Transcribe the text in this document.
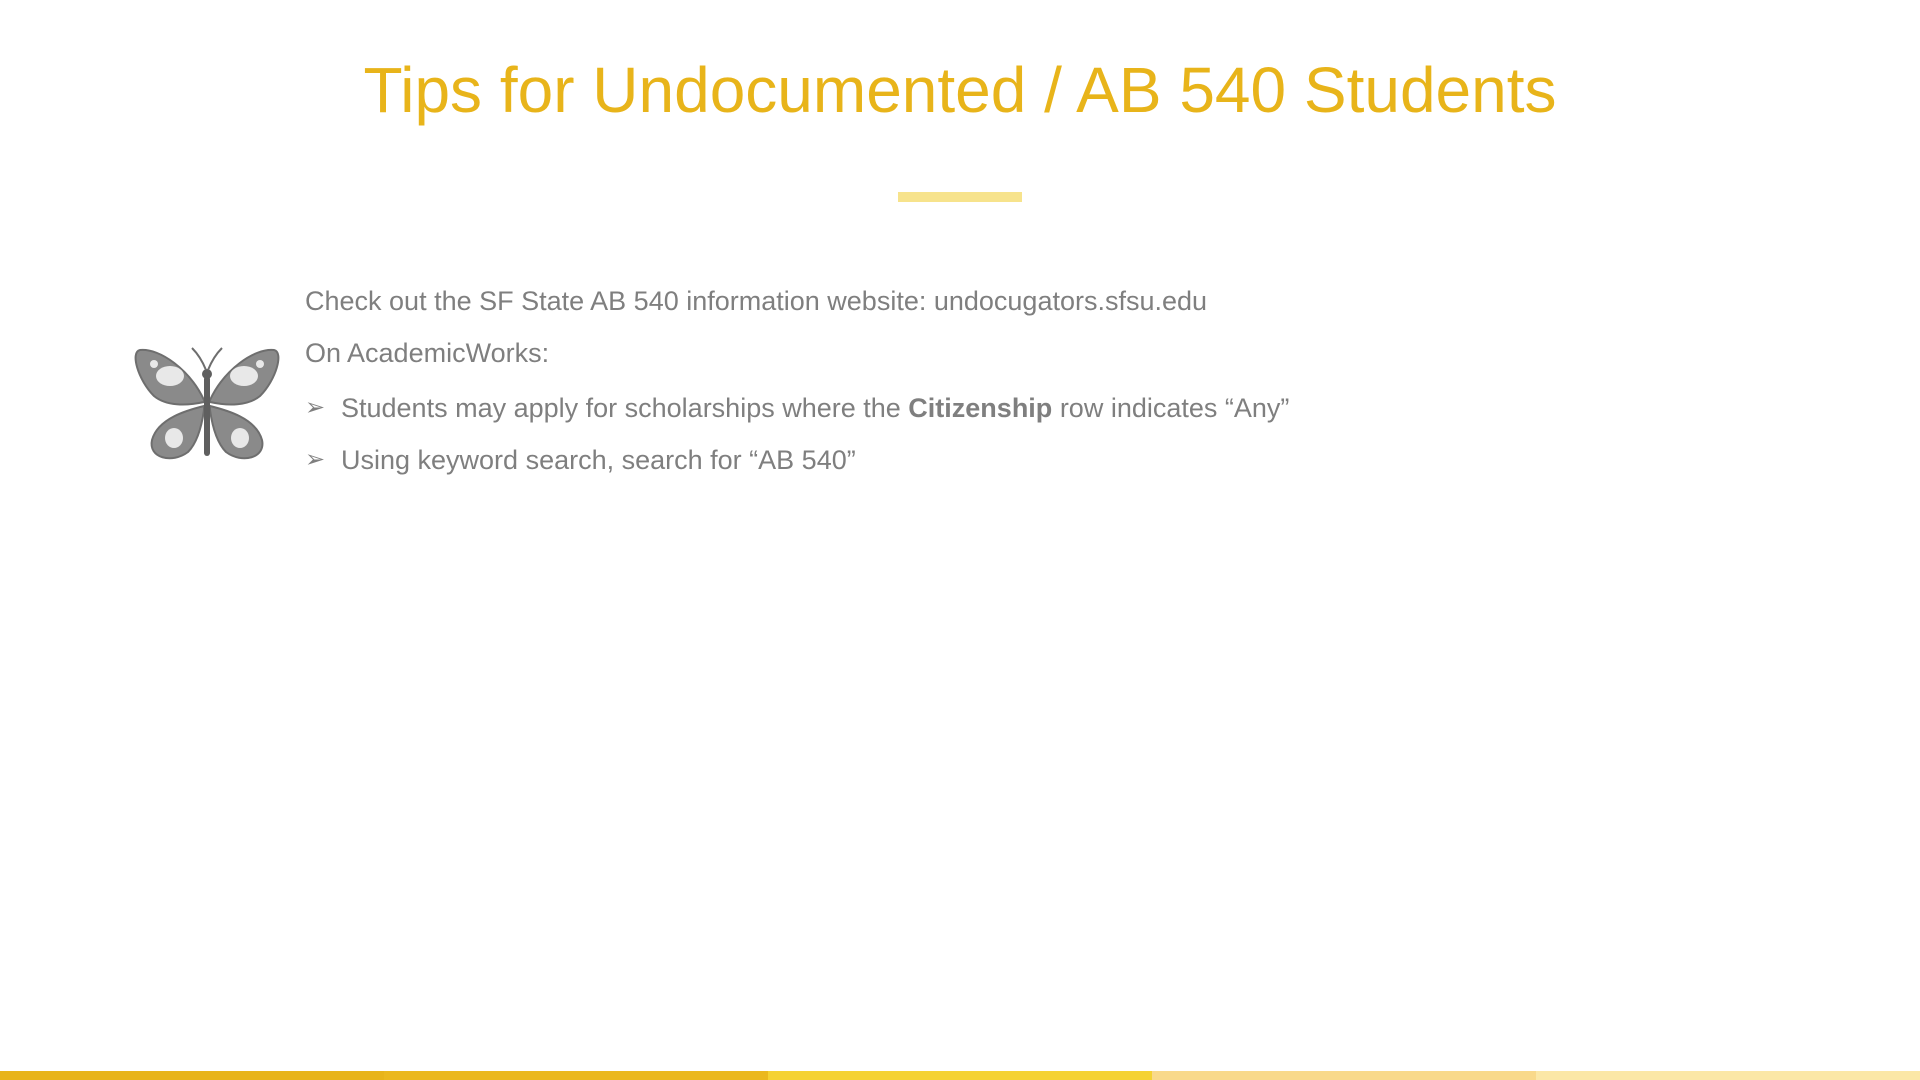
Tips for Undocumented / AB 540 Students
Check out the SF State AB 540 information website: undocugators.sfsu.edu
On AcademicWorks:
➢ Students may apply for scholarships where the Citizenship row indicates “Any”
➢ Using keyword search, search for “AB 540”
